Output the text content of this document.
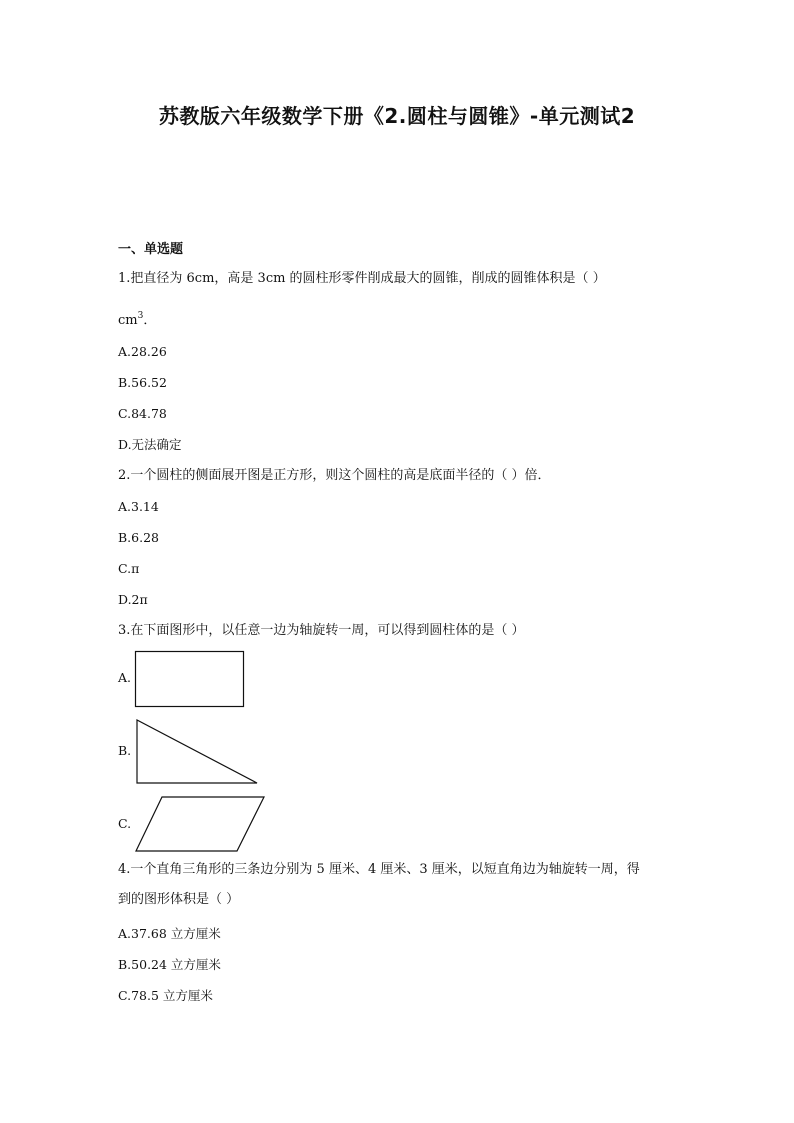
苏教版六年级数学下册《2.圆柱与圆锥》-单元测试2
一、单选题
1.把直径为 6cm，高是 3cm 的圆柱形零件削成最大的圆锥，削成的圆锥体积是（ ）
$cm^3$．
A.28.26
B.56.52
C.84.78
D.无法确定
2.一个圆柱的侧面展开图是正方形，则这个圆柱的高是底面半径的（ ）倍．
A.3.14
B.6.28
C.π
D.2π
3.在下面图形中，以任意一边为轴旋转一周，可以得到圆柱体的是（ ）
A.
B.
C.
4.一个直角三角形的三条边分别为 5 厘米、4 厘米、3 厘米，以短直角边为轴旋转一周，得
到的图形体积是（ ）
A.37.68 立方厘米
B.50.24 立方厘米
C.78.5 立方厘米
